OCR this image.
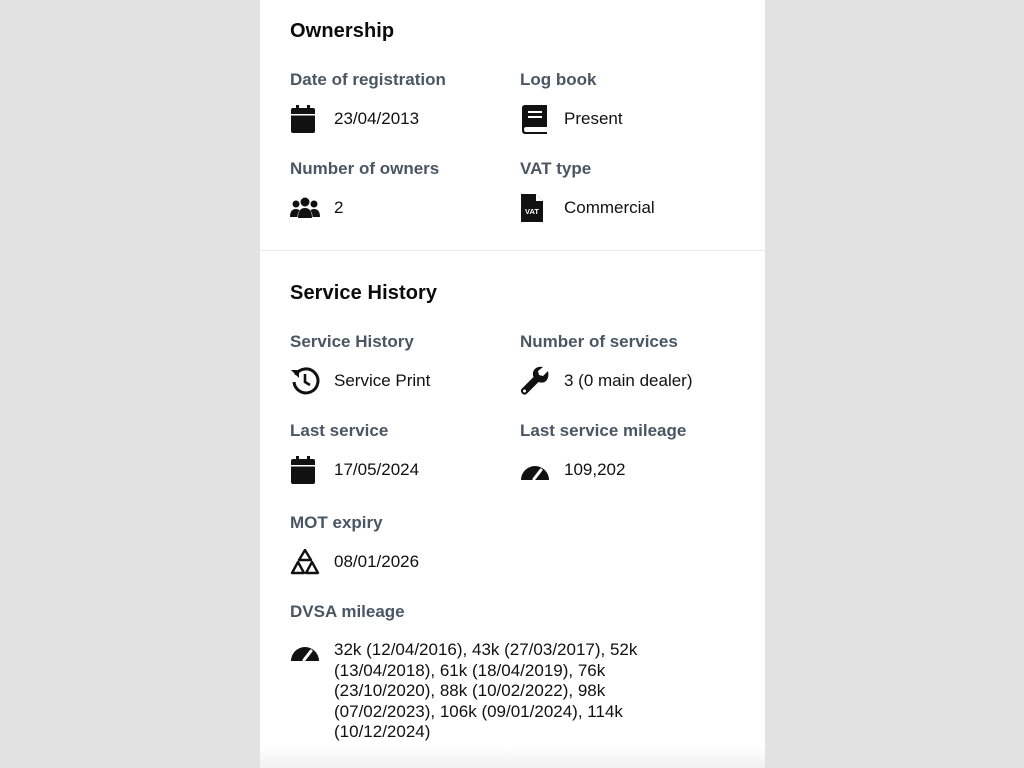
Ownership
Date of registration
23/04/2013
Log book
Present
Number of owners
2
VAT type
VAT Commercial
Service History
Service History
Service Print
Number of services
3 (0 main dealer)
Last service
17/05/2024
Last service mileage
109,202
MOT expiry
08/01/2026
DVSA mileage
32k (12/04/2016), 43k (27/03/2017), 52k (13/04/2018), 61k (18/04/2019), 76k (23/10/2020), 88k (10/02/2022), 98k (07/02/2023), 106k (09/01/2024), 114k (10/12/2024)
